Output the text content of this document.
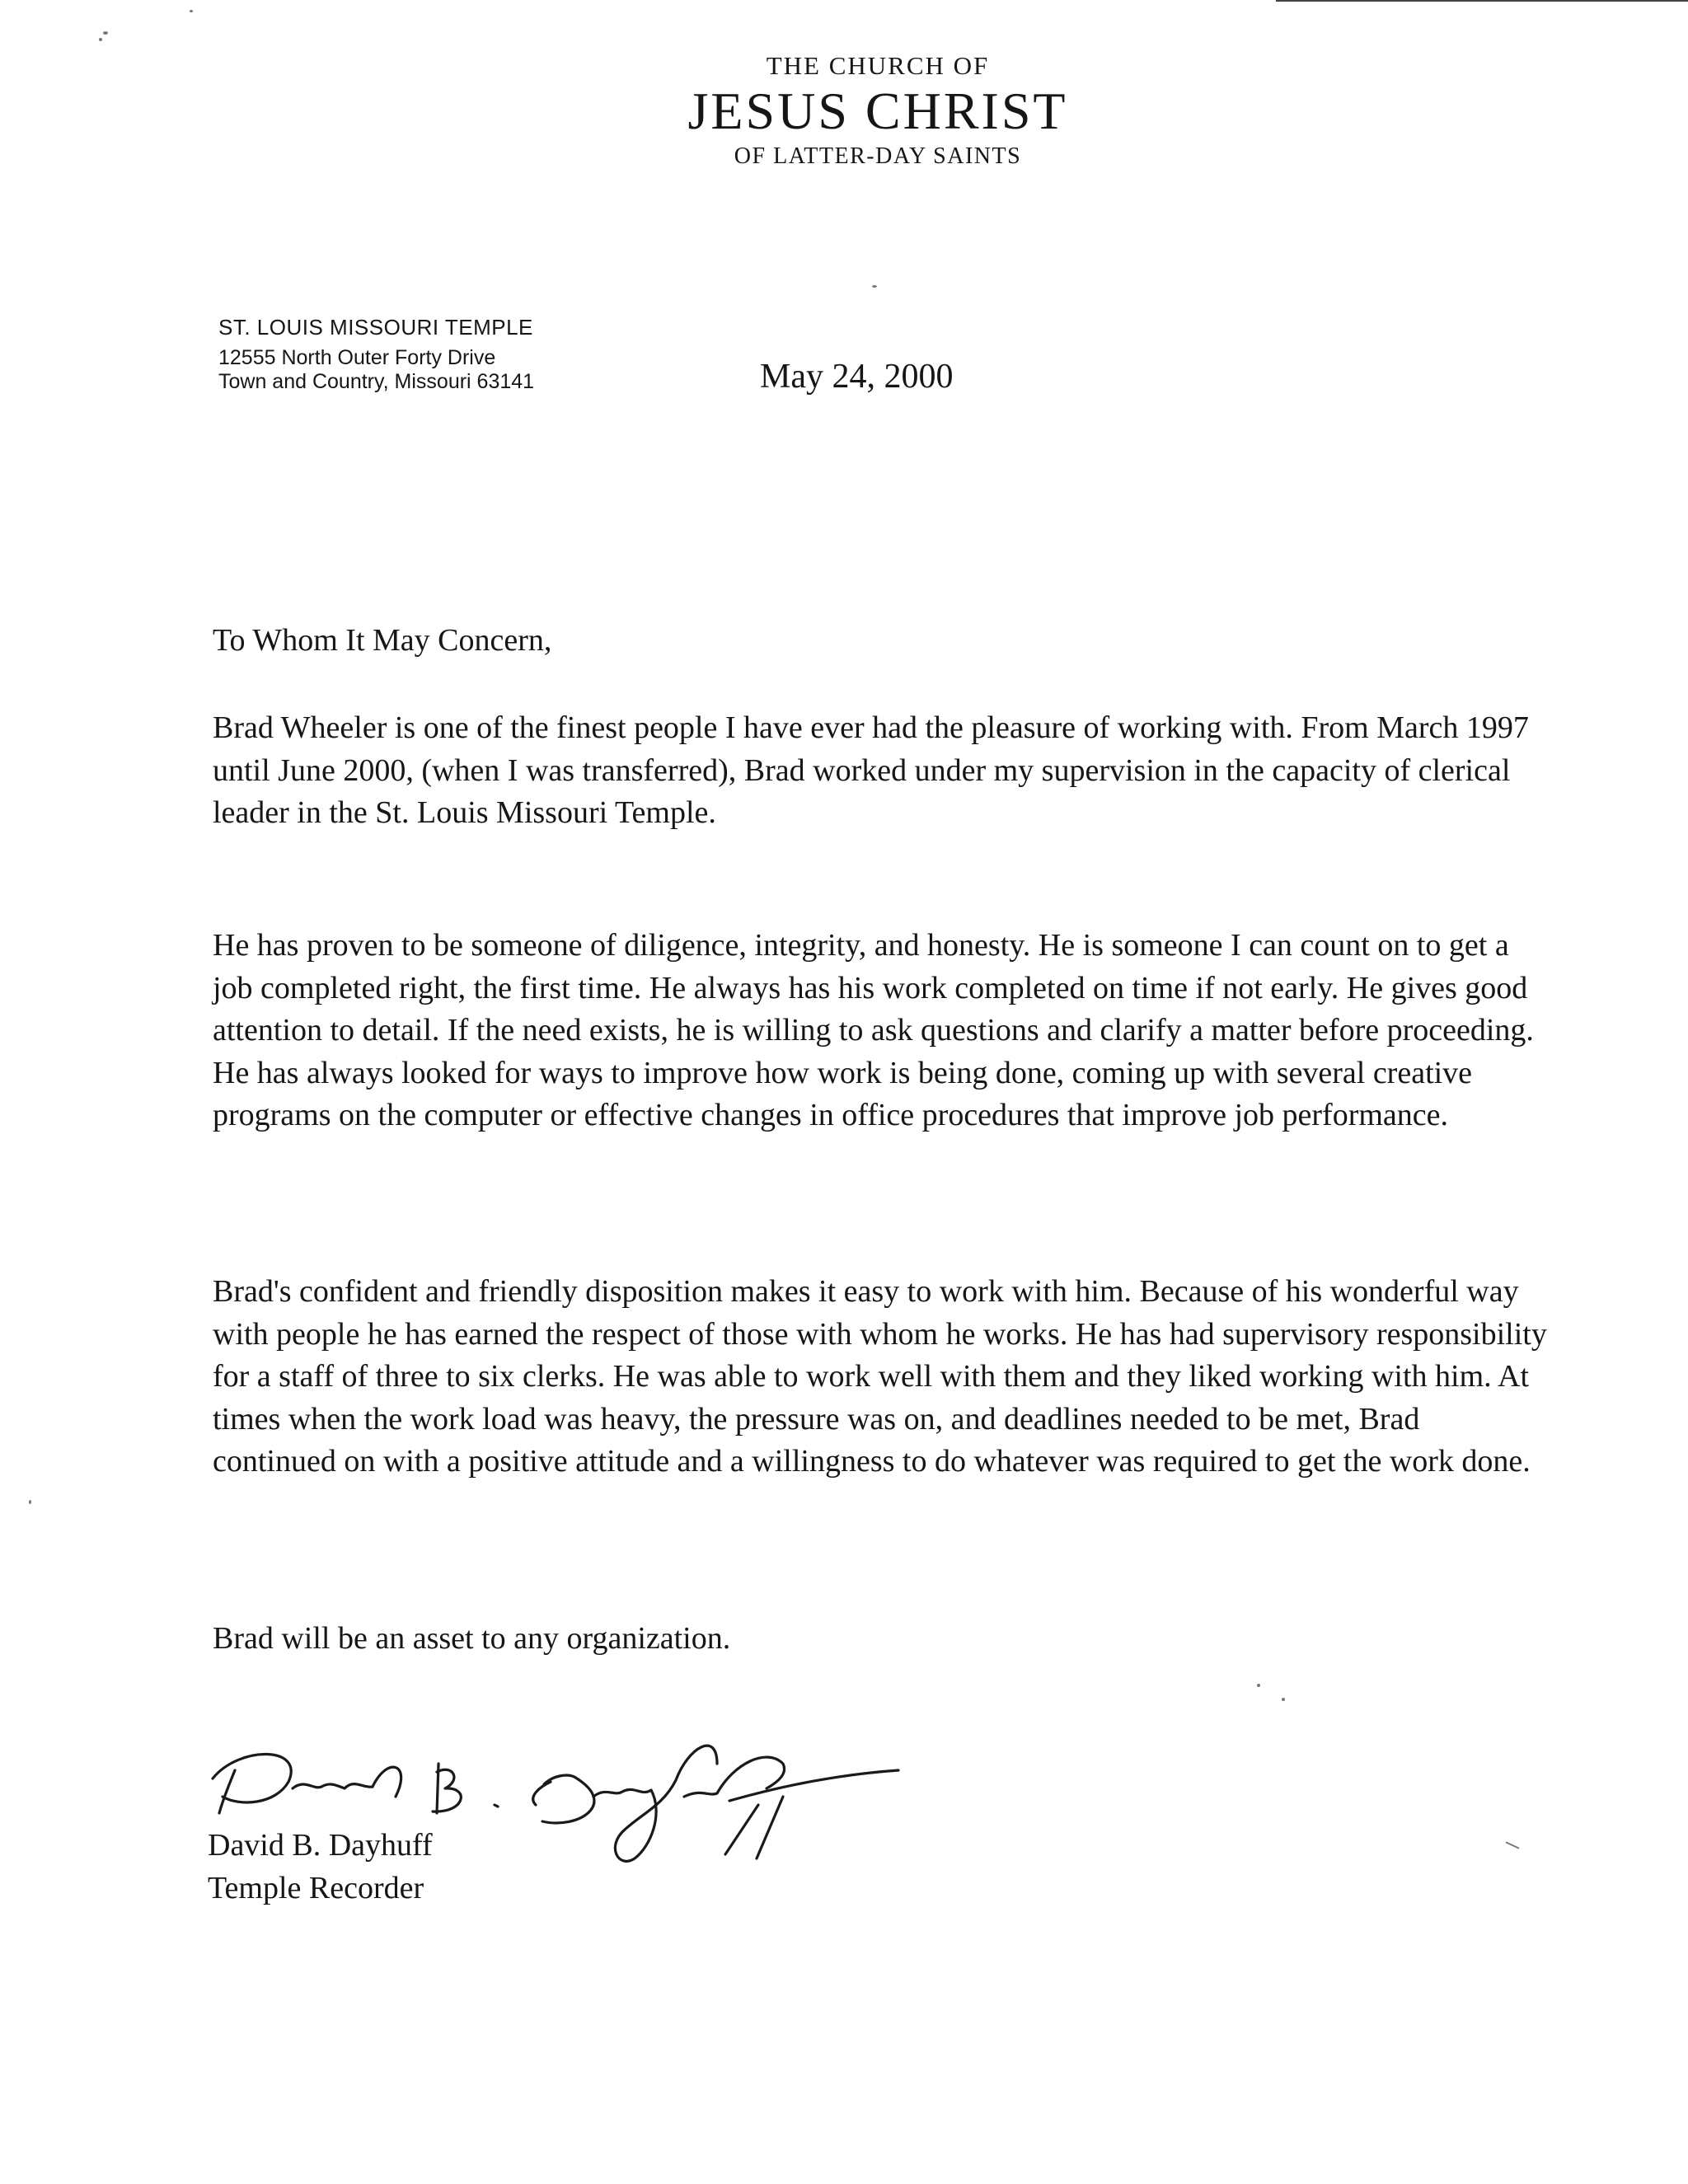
THE CHURCH OF

JESUS CHRIST

OF LATTER-DAY SAINTS

ST. LOUIS MISSOURI TEMPLE
12555 North Outer Forty Drive
Town and Country, Missouri 63141	May 24, 2000

To Whom It May Concern,

Brad Wheeler is one of the finest people I have ever had the pleasure of working with. From March 1997 until June 2000, (when I was transferred), Brad worked under my supervision in the capacity of clerical leader in the St. Louis Missouri Temple.

He has proven to be someone of diligence, integrity, and honesty. He is someone I can count on to get a job completed right, the first time. He always has his work completed on time if not early. He gives good attention to detail. If the need exists, he is willing to ask questions and clarify a matter before proceeding. He has always looked for ways to improve how work is being done, coming up with several creative programs on the computer or effective changes in office procedures that improve job performance.

Brad's confident and friendly disposition makes it easy to work with him. Because of his wonderful way with people he has earned the respect of those with whom he works. He has had supervisory responsibility for a staff of three to six clerks. He was able to work well with them and they liked working with him. At times when the work load was heavy, the pressure was on, and deadlines needed to be met, Brad continued on with a positive attitude and a willingness to do whatever was required to get the work done.

Brad will be an asset to any organization.

David B. Dayhuff
Temple Recorder
